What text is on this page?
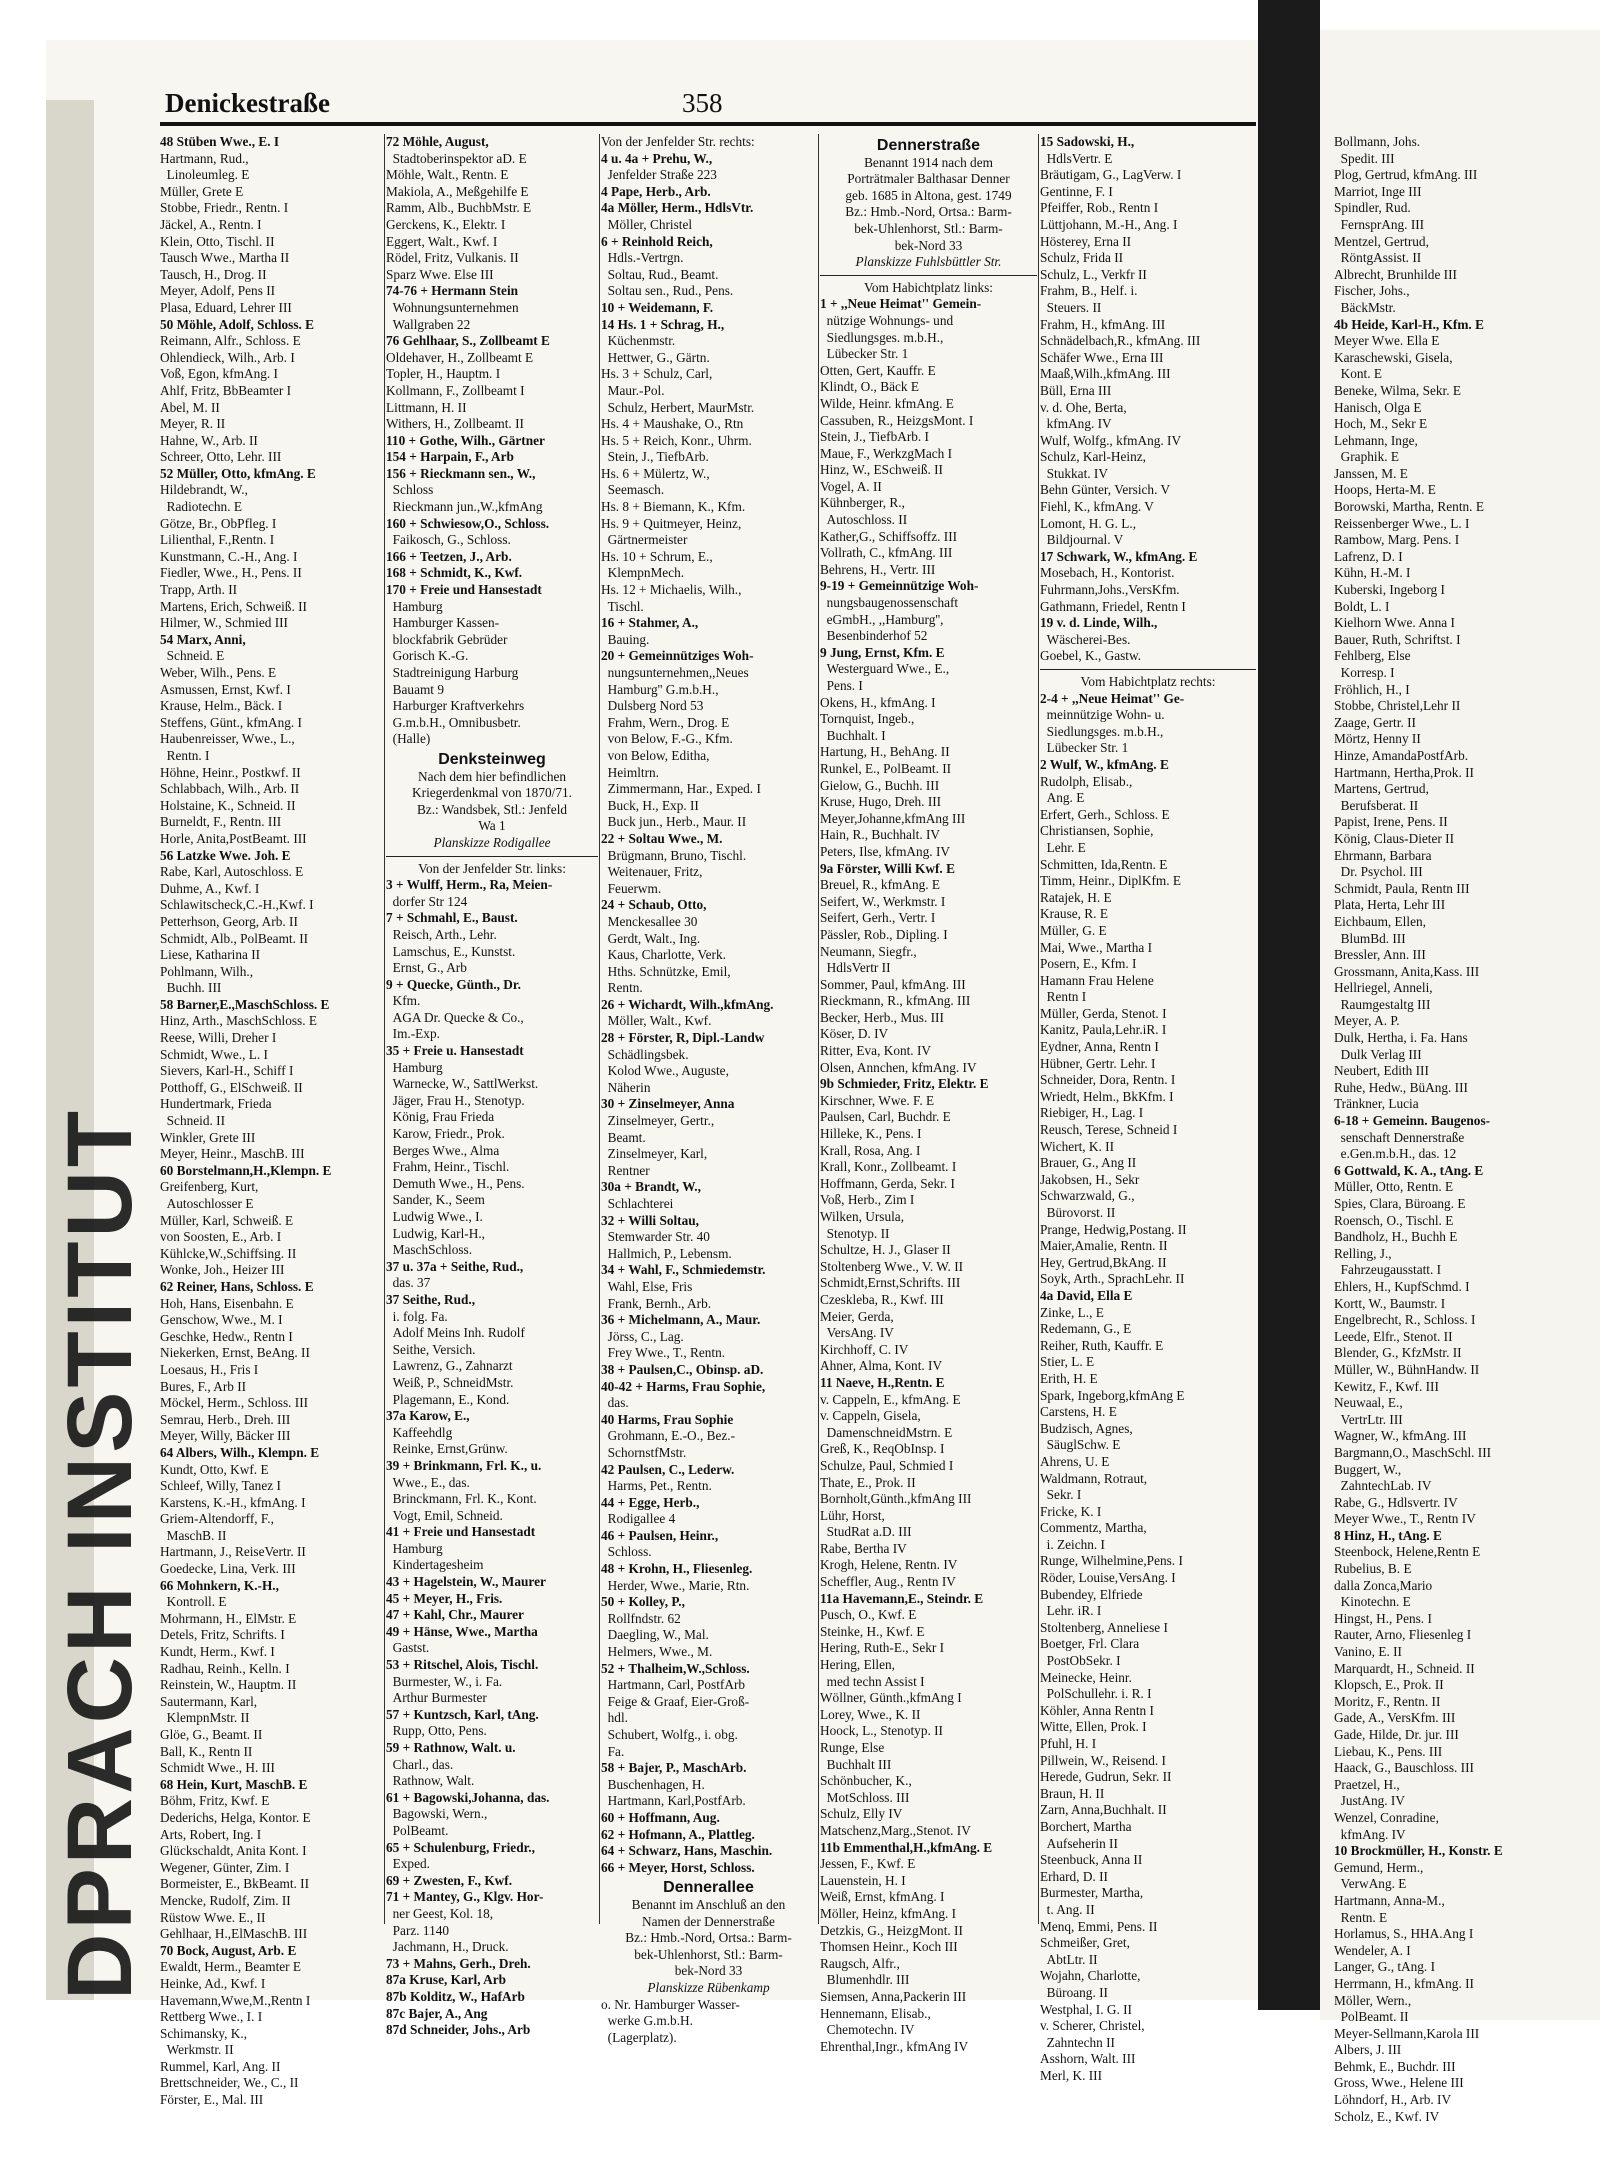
Denickestraße	358
48 Stüben Wwe., E. I
Hartmann, Rud.,
Linoleumleg. E
Müller, Grete E
Stobbe, Friedr., Rentn. I
Jäckel, A., Rentn. I
Klein, Otto, Tischl. II
Tausch Wwe., Martha II
Tausch, H., Drog. II
Meyer, Adolf, Pens II
Plasa, Eduard, Lehrer III
50 Möhle, Adolf, Schloss. E
Reimann, Alfr., Schloss. E
Ohlendieck, Wilh., Arb. I
Voß, Egon, kfmAng. I
Ahlf, Fritz, BbBeamter I
Abel, M. II
Meyer, R. II
Hahne, W., Arb. II
Schreer, Otto, Lehr. III
52 Müller, Otto, kfmAng. E
Hildebrandt, W.,
Radiotechn. E
Götze, Br., ObPfleg. I
Lilienthal, F.,Rentn. I
Kunstmann, C.-H., Ang. I
Fiedler, Wwe., H., Pens. II
Trapp, Arth. II
Martens, Erich, Schweiß. II
Hilmer, W., Schmied III
54 Marx, Anni,
Schneid. E
Weber, Wilh., Pens. E
Asmussen, Ernst, Kwf. I
Krause, Helm., Bäck. I
Steffens, Günt., kfmAng. I
Haubenreisser, Wwe., L.,
Rentn. I
Höhne, Heinr., Postkwf. II
Schlabbach, Wilh., Arb. II
Holstaine, K., Schneid. II
Burneldt, F., Rentn. III
Horle, Anita,PostBeamt. III
56 Latzke Wwe. Joh. E
Rabe, Karl, Autoschloss. E
Duhme, A., Kwf. I
Schlawitscheck,C.-H.,Kwf. I
Petterhson, Georg, Arb. II
Schmidt, Alb., PolBeamt. II
Liese, Katharina II
Pohlmann, Wilh.,
Buchh. III
58 Barner,E.,MaschSchloss. E
Hinz, Arth., MaschSchloss. E
Reese, Willi, Dreher I
Schmidt, Wwe., L. I
Sievers, Karl-H., Schiff I
Potthoff, G., ElSchweiß. II
Hundertmark, Frieda
Schneid. II
Winkler, Grete III
Meyer, Heinr., MaschB. III
60 Borstelmann,H.,Klempn. E
Greifenberg, Kurt,
Autoschlosser E
Müller, Karl, Schweiß. E
von Soosten, E., Arb. I
Kühlcke,W.,Schiffsing. II
Wonke, Joh., Heizer III
62 Reiner, Hans, Schloss. E
Hoh, Hans, Eisenbahn. E
Genschow, Wwe., M. I
Geschke, Hedw., Rentn I
Niekerken, Ernst, BeAng. II
Loesaus, H., Fris I
Bures, F., Arb II
Möckel, Herm., Schloss. III
Semrau, Herb., Dreh. III
Meyer, Willy, Bäcker III
64 Albers, Wilh., Klempn. E
Kundt, Otto, Kwf. E
Schleef, Willy, Tanez I
Karstens, K.-H., kfmAng. I
Griem-Altendorff, F.,
MaschB. II
Hartmann, J., ReiseVertr. II
Goedecke, Lina, Verk. III
66 Mohnkern, K.-H.,
Kontroll. E
Mohrmann, H., ElMstr. E
Detels, Fritz, Schrifts. I
Kundt, Herm., Kwf. I
Radhau, Reinh., Kelln. I
Reinstein, W., Hauptm. II
Sautermann, Karl,
KlempnMstr. II
Glöe, G., Beamt. II
Ball, K., Rentn II
Schmidt Wwe., H. III
68 Hein, Kurt, MaschB. E
Böhm, Fritz, Kwf. E
Dederichs, Helga, Kontor. E
Arts, Robert, Ing. I
Glückschaldt, Anita Kont. I
Wegener, Günter, Zim. I
Bormeister, E., BkBeamt. II
Mencke, Rudolf, Zim. II
Rüstow Wwe. E., II
Gehlhaar, H.,ElMaschB. III
70 Bock, August, Arb. E
Ewaldt, Herm., Beamter E
Heinke, Ad., Kwf. I
Havemann,Wwe,M.,Rentn I
Rettberg Wwe., I. I
Schimansky, K.,
Werkmstr. II
Rummel, Karl, Ang. II
Brettschneider, We., C., II
Förster, E., Mal. III
72 Möhle, August,
Stadtoberinspektor aD. E
Möhle, Walt., Rentn. E
Makiola, A., Meßgehilfe E
Ramm, Alb., BuchbMstr. E
Gerckens, K., Elektr. I
Eggert, Walt., Kwf. I
Rödel, Fritz, Vulkanis. II
Sparz Wwe. Else III
74-76 + Hermann Stein
Wohnungsunternehmen
Wallgraben 22
76 Gehlhaar, S., Zollbeamt E
Oldehaver, H., Zollbeamt E
Topler, H., Hauptm. I
Kollmann, F., Zollbeamt I
Littmann, H. II
Withers, H., Zollbeamt. II
110 + Gothe, Wilh., Gärtner
154 + Harpain, F., Arb
156 + Rieckmann sen., W.,
Schloss
Rieckmann jun.,W.,kfmAng
160 + Schwiesow,O., Schloss.
Faikosch, G., Schloss.
166 + Teetzen, J., Arb.
168 + Schmidt, K., Kwf.
170 + Freie und Hansestadt
Hamburg
Hamburger Kassen-
blockfabrik Gebrüder
Gorisch K.-G.
Stadtreinigung Harburg
Bauamt 9
Harburger Kraftverkehrs
G.m.b.H., Omnibusbetr.
(Halle)
Denksteinweg
Nach dem hier befindlichen
Kriegerdenkmal von 1870/71.
Bz.: Wandsbek, Stl.: Jenfeld
Wa 1
Planskizze Rodigallee
Von der Jenfelder Str. links:
3 + Wulff, Herm., Ra, Meien-
dorfer Str 124
7 + Schmahl, E., Baust.
Reisch, Arth., Lehr.
Lamschus, E., Kunstst.
Ernst, G., Arb
9 + Quecke, Günth., Dr.
Kfm.
AGA Dr. Quecke & Co.,
Im.-Exp.
35 + Freie u. Hansestadt
Hamburg
Warnecke, W., SattlWerkst.
Jäger, Frau H., Stenotyp.
König, Frau Frieda
Karow, Friedr., Prok.
Berges Wwe., Alma
Frahm, Heinr., Tischl.
Demuth Wwe., H., Pens.
Sander, K., Seem
Ludwig Wwe., I.
Ludwig, Karl-H.,
MaschSchloss.
37 u. 37a + Seithe, Rud.,
das. 37
37 Seithe, Rud.,
i. folg. Fa.
Adolf Meins Inh. Rudolf
Seithe, Versich.
Lawrenz, G., Zahnarzt
Weiß, P., SchneidMstr.
Plagemann, E., Kond.
37a Karow, E.,
Kaffeehdlg
Reinke, Ernst,Grünw.
39 + Brinkmann, Frl. K., u.
Wwe., E., das.
Brinckmann, Frl. K., Kont.
Vogt, Emil, Schneid.
41 + Freie und Hansestadt
Hamburg
Kindertagesheim
43 + Hagelstein, W., Maurer
45 + Meyer, H., Fris.
47 + Kahl, Chr., Maurer
49 + Hänse, Wwe., Martha
Gastst.
53 + Ritschel, Alois, Tischl.
Burmester, W., i. Fa.
Arthur Burmester
57 + Kuntzsch, Karl, tAng.
Rupp, Otto, Pens.
59 + Rathnow, Walt. u.
Charl., das.
Rathnow, Walt.
61 + Bagowski,Johanna, das.
Bagowski, Wern.,
PolBeamt.
65 + Schulenburg, Friedr.,
Exped.
69 + Zwesten, F., Kwf.
71 + Mantey, G., Klgv. Hor-
ner Geest, Kol. 18,
Parz. 1140
Jachmann, H., Druck.
73 + Mahns, Gerh., Dreh.
87a Kruse, Karl, Arb
87b Kolditz, W., HafArb
87c Bajer, A., Ang
87d Schneider, Johs., Arb
Von der Jenfelder Str. rechts:
4 u. 4a + Prehu, W.,
Jenfelder Straße 223
4 Pape, Herb., Arb.
4a Möller, Herm., HdlsVtr.
Möller, Christel
6 + Reinhold Reich,
Hdls.-Vertrgn.
Soltau, Rud., Beamt.
Soltau sen., Rud., Pens.
10 + Weidemann, F.
14 Hs. 1 + Schrag, H.,
Küchenmstr.
Hettwer, G., Gärtn.
Hs. 3 + Schulz, Carl,
Maur.-Pol.
Schulz, Herbert, MaurMstr.
Hs. 4 + Maushake, O., Rtn
Hs. 5 + Reich, Konr., Uhrm.
Stein, J., TiefbArb.
Hs. 6 + Mülertz, W.,
Seemasch.
Hs. 8 + Biemann, K., Kfm.
Hs. 9 + Quitmeyer, Heinz,
Gärtnermeister
Hs. 10 + Schrum, E.,
KlempnMech.
Hs. 12 + Michaelis, Wilh.,
Tischl.
16 + Stahmer, A.,
Bauing.
20 + Gemeinnütziges Woh-
nungsunternehmen,,Neues
Hamburg'' G.m.b.H.,
Dulsberg Nord 53
Frahm, Wern., Drog. E
von Below, F.-G., Kfm.
von Below, Editha,
Heimltrn.
Zimmermann, Har., Exped. I
Buck, H., Exp. II
Buck jun., Herb., Maur. II
22 + Soltau Wwe., M.
Brügmann, Bruno, Tischl.
Weitenauer, Fritz,
Feuerwm.
24 + Schaub, Otto,
Menckesallee 30
Gerdt, Walt., Ing.
Kaus, Charlotte, Verk.
Hths. Schnützke, Emil,
Rentn.
26 + Wichardt, Wilh.,kfmAng.
Möller, Walt., Kwf.
28 + Förster, R, Dipl.-Landw
Schädlingsbek.
Kolod Wwe., Auguste,
Näherin
30 + Zinselmeyer, Anna
Zinselmeyer, Gertr.,
Beamt.
Zinselmeyer, Karl,
Rentner
30a + Brandt, W.,
Schlachterei
32 + Willi Soltau,
Stemwarder Str. 40
Hallmich, P., Lebensm.
34 + Wahl, F., Schmiedemstr.
Wahl, Else, Fris
Frank, Bernh., Arb.
36 + Michelmann, A., Maur.
Jörss, C., Lag.
Frey Wwe., T., Rentn.
38 + Paulsen,C., Obinsp. aD.
40-42 + Harms, Frau Sophie,
das.
40 Harms, Frau Sophie
Grohmann, E.-O., Bez.-
SchornstfMstr.
42 Paulsen, C., Lederw.
Harms, Pet., Rentn.
44 + Egge, Herb.,
Rodigallee 4
46 + Paulsen, Heinr.,
Schloss.
48 + Krohn, H., Fliesenleg.
Herder, Wwe., Marie, Rtn.
50 + Kolley, P.,
Rollfndstr. 62
Daegling, W., Mal.
Helmers, Wwe., M.
52 + Thalheim,W.,Schloss.
Hartmann, Carl, PostfArb
Feige & Graaf, Eier-Groß-
hdl.
Schubert, Wolfg., i. obg.
Fa.
58 + Bajer, P., MaschArb.
Buschenhagen, H.
Hartmann, Karl,PostfArb.
60 + Hoffmann, Aug.
62 + Hofmann, A., Plattleg.
64 + Schwarz, Hans, Maschin.
66 + Meyer, Horst, Schloss.
Dennerallee
Benannt im Anschluß an den
Namen der Dennerstraße
Bz.: Hmb.-Nord, Ortsa.: Barm-
bek-Uhlenhorst, Stl.: Barm-
bek-Nord 33
Planskizze Rübenkamp
o. Nr. Hamburger Wasser-
werke G.m.b.H.
(Lagerplatz).
Dennerstraße
Benannt 1914 nach dem
Porträtmaler Balthasar Denner
geb. 1685 in Altona, gest. 1749
Bz.: Hmb.-Nord, Ortsa.: Barm-
bek-Uhlenhorst, Stl.: Barm-
bek-Nord 33
Planskizze Fuhlsbüttler Str.
Vom Habichtplatz links:
1 + ,,Neue Heimat'' Gemein-
nützige Wohnungs- und
Siedlungsges. m.b.H.,
Lübecker Str. 1
Otten, Gert, Kauffr. E
Klindt, O., Bäck E
Wilde, Heinr. kfmAng. E
Cassuben, R., HeizgsMont. I
Stein, J., TiefbArb. I
Maue, F., WerkzgMach I
Hinz, W., ESchweiß. II
Vogel, A. II
Kühnberger, R.,
Autoschloss. II
Kather,G., Schiffsoffz. III
Vollrath, C., kfmAng. III
Behrens, H., Vertr. III
9-19 + Gemeinnützige Woh-
nungsbaugenossenschaft
eGmbH., ,,Hamburg'',
Besenbinderhof 52
9 Jung, Ernst, Kfm. E
Westerguard Wwe., E.,
Pens. I
Okens, H., kfmAng. I
Tornquist, Ingeb.,
Buchhalt. I
Hartung, H., BehAng. II
Runkel, E., PolBeamt. II
Gielow, G., Buchh. III
Kruse, Hugo, Dreh. III
Meyer,Johanne,kfmAng III
Hain, R., Buchhalt. IV
Peters, Ilse, kfmAng. IV
9a Förster, Willi Kwf. E
Breuel, R., kfmAng. E
Seifert, W., Werkmstr. I
Seifert, Gerh., Vertr. I
Pässler, Rob., Dipling. I
Neumann, Siegfr.,
HdlsVertr II
Sommer, Paul, kfmAng. III
Rieckmann, R., kfmAng. III
Becker, Herb., Mus. III
Köser, D. IV
Ritter, Eva, Kont. IV
Olsen, Annchen, kfmAng. IV
9b Schmieder, Fritz, Elektr. E
Kirschner, Wwe. F. E
Paulsen, Carl, Buchdr. E
Hilleke, K., Pens. I
Krall, Rosa, Ang. I
Krall, Konr., Zollbeamt. I
Hoffmann, Gerda, Sekr. I
Voß, Herb., Zim I
Wilken, Ursula,
Stenotyp. II
Schultze, H. J., Glaser II
Stoltenberg Wwe., V. W. II
Schmidt,Ernst,Schrifts. III
Czeskleba, R., Kwf. III
Meier, Gerda,
VersAng. IV
Kirchhoff, C. IV
Ahner, Alma, Kont. IV
11 Naeve, H.,Rentn. E
v. Cappeln, E., kfmAng. E
v. Cappeln, Gisela,
DamenschneidMstrn. E
Greß, K., ReqObInsp. I
Schulze, Paul, Schmied I
Thate, E., Prok. II
Bornholt,Günth.,kfmAng III
Lühr, Horst,
StudRat a.D. III
Rabe, Bertha IV
Krogh, Helene, Rentn. IV
Scheffler, Aug., Rentn IV
11a Havemann,E., Steindr. E
Pusch, O., Kwf. E
Steinke, H., Kwf. E
Hering, Ruth-E., Sekr I
Hering, Ellen,
med techn Assist I
Wöllner, Günth.,kfmAng I
Lorey, Wwe., K. II
Hoock, L., Stenotyp. II
Runge, Else
Buchhalt III
Schönbucher, K.,
MotSchloss. III
Schulz, Elly IV
Matschenz,Marg.,Stenot. IV
11b Emmenthal,H.,kfmAng. E
Jessen, F., Kwf. E
Lauenstein, H. I
Weiß, Ernst, kfmAng. I
Möller, Heinz, kfmAng. I
Detzkis, G., HeizgMont. II
Thomsen Heinr., Koch III
Raugsch, Alfr.,
Blumenhdlr. III
Siemsen, Anna,Packerin III
Hennemann, Elisab.,
Chemotechn. IV
Ehrenthal,Ingr., kfmAng IV
15 Sadowski, H.,
HdlsVertr. E
Bräutigam, G., LagVerw. I
Gentinne, F. I
Pfeiffer, Rob., Rentn I
Lüttjohann, M.-H., Ang. I
Hösterey, Erna II
Schulz, Frida II
Schulz, L., Verkfr II
Frahm, B., Helf. i.
Steuers. II
Frahm, H., kfmAng. III
Schnädelbach,R., kfmAng. III
Schäfer Wwe., Erna III
Maaß,Wilh.,kfmAng. III
Büll, Erna III
v. d. Ohe, Berta,
kfmAng. IV
Wulf, Wolfg., kfmAng. IV
Schulz, Karl-Heinz,
Stukkat. IV
Behn Günter, Versich. V
Fiehl, K., kfmAng. V
Lomont, H. G. L.,
Bildjournal. V
17 Schwark, W., kfmAng. E
Mosebach, H., Kontorist.
Fuhrmann,Johs.,VersKfm.
Gathmann, Friedel, Rentn I
19 v. d. Linde, Wilh.,
Wäscherei-Bes.
Goebel, K., Gastw.
Vom Habichtplatz rechts:
2-4 + ,,Neue Heimat'' Ge-
meinnützige Wohn- u.
Siedlungsges. m.b.H.,
Lübecker Str. 1
2 Wulf, W., kfmAng. E
Rudolph, Elisab.,
Ang. E
Erfert, Gerh., Schloss. E
Christiansen, Sophie,
Lehr. E
Schmitten, Ida,Rentn. E
Timm, Heinr., DiplKfm. E
Ratajek, H. E
Krause, R. E
Müller, G. E
Mai, Wwe., Martha I
Posern, E., Kfm. I
Hamann Frau Helene
Rentn I
Müller, Gerda, Stenot. I
Kanitz, Paula,Lehr.iR. I
Eydner, Anna, Rentn I
Hübner, Gertr. Lehr. I
Schneider, Dora, Rentn. I
Wriedt, Helm., BkKfm. I
Riebiger, H., Lag. I
Reusch, Terese, Schneid I
Wichert, K. II
Brauer, G., Ang II
Jakobsen, H., Sekr
Schwarzwald, G.,
Bürovorst. II
Prange, Hedwig,Postang. II
Maier,Amalie, Rentn. II
Hey, Gertrud,BkAng. II
Soyk, Arth., SprachLehr. II
4a David, Ella E
Zinke, L., E
Redemann, G., E
Reiher, Ruth, Kauffr. E
Stier, L. E
Erith, H. E
Spark, Ingeborg,kfmAng E
Carstens, H. E
Budzisch, Agnes,
SäuglSchw. E
Ahrens, U. E
Waldmann, Rotraut,
Sekr. I
Fricke, K. I
Commentz, Martha,
i. Zeichn. I
Runge, Wilhelmine,Pens. I
Röder, Louise,VersAng. I
Bubendey, Elfriede
Lehr. iR. I
Stoltenberg, Anneliese I
Boetger, Frl. Clara
PostObSekr. I
Meinecke, Heinr.
PolSchullehr. i. R. I
Köhler, Anna Rentn I
Witte, Ellen, Prok. I
Pfuhl, H. I
Pillwein, W., Reisend. I
Herede, Gudrun, Sekr. II
Braun, H. II
Zarn, Anna,Buchhalt. II
Borchert, Martha
Aufseherin II
Steenbuck, Anna II
Erhard, D. II
Burmester, Martha,
t. Ang. II
Menq, Emmi, Pens. II
Schmeißer, Gret,
AbtLtr. II
Wojahn, Charlotte,
Büroang. II
Westphal, I. G. II
v. Scherer, Christel,
Zahntechn II
Asshorn, Walt. III
Merl, K. III
Bollmann, Johs.
Spedit. III
Plog, Gertrud, kfmAng. III
Marriot, Inge III
Spindler, Rud.
FernsprAng. III
Mentzel, Gertrud,
RöntgAssist. II
Albrecht, Brunhilde III
Fischer, Johs.,
BäckMstr.
4b Heide, Karl-H., Kfm. E
Meyer Wwe. Ella E
Karaschewski, Gisela,
Kont. E
Beneke, Wilma, Sekr. E
Hanisch, Olga E
Hoch, M., Sekr E
Lehmann, Inge,
Graphik. E
Janssen, M. E
Hoops, Herta-M. E
Borowski, Martha, Rentn. E
Reissenberger Wwe., L. I
Rambow, Marg. Pens. I
Lafrenz, D. I
Kühn, H.-M. I
Kuberski, Ingeborg I
Boldt, L. I
Kielhorn Wwe. Anna I
Bauer, Ruth, Schriftst. I
Fehlberg, Else
Korresp. I
Fröhlich, H., I
Stobbe, Christel,Lehr II
Zaage, Gertr. II
Mörtz, Henny II
Hinze, AmandaPostfArb.
Hartmann, Hertha,Prok. II
Martens, Gertrud,
Berufsberat. II
Papist, Irene, Pens. II
König, Claus-Dieter II
Ehrmann, Barbara
Dr. Psychol. III
Schmidt, Paula, Rentn III
Plata, Herta, Lehr III
Eichbaum, Ellen,
BlumBd. III
Bressler, Ann. III
Grossmann, Anita,Kass. III
Hellriegel, Anneli,
Raumgestaltg III
Meyer, A. P.
Dulk, Hertha, i. Fa. Hans
Dulk Verlag III
Neubert, Edith III
Ruhe, Hedw., BüAng. III
Tränkner, Lucia
6-18 + Gemeinn. Baugenos-
senschaft Dennerstraße
e.Gen.m.b.H., das. 12
6 Gottwald, K. A., tAng. E
Müller, Otto, Rentn. E
Spies, Clara, Büroang. E
Roensch, O., Tischl. E
Bandholz, H., Buchh E
Relling, J.,
Fahrzeugausstatt. I
Ehlers, H., KupfSchmd. I
Kortt, W., Baumstr. I
Engelbrecht, R., Schloss. I
Leede, Elfr., Stenot. II
Blender, G., KfzMstr. II
Müller, W., BühnHandw. II
Kewitz, F., Kwf. III
Neuwaal, E.,
VertrLtr. III
Wagner, W., kfmAng. III
Bargmann,O., MaschSchl. III
Buggert, W.,
ZahntechLab. IV
Rabe, G., Hdlsvertr. IV
Meyer Wwe., T., Rentn IV
8 Hinz, H., tAng. E
Steenbock, Helene,Rentn E
Rubelius, B. E
dalla Zonca,Mario
Kinotechn. E
Hingst, H., Pens. I
Rauter, Arno, Fliesenleg I
Vanino, E. II
Marquardt, H., Schneid. II
Klopsch, E., Prok. II
Moritz, F., Rentn. II
Gade, A., VersKfm. III
Gade, Hilde, Dr. jur. III
Liebau, K., Pens. III
Haack, G., Bauschloss. III
Praetzel, H.,
JustAng. IV
Wenzel, Conradine,
kfmAng. IV
10 Brockmüller, H., Konstr. E
Gemund, Herm.,
VerwAng. E
Hartmann, Anna-M.,
Rentn. E
Horlamus, S., HHA.Ang I
Wendeler, A. I
Langer, G., tAng. I
Herrmann, H., kfmAng. II
Möller, Wern.,
PolBeamt. II
Meyer-Sellmann,Karola III
Albers, J. III
Behmk, E., Buchdr. III
Gross, Wwe., Helene III
Löhndorf, H., Arb. IV
Scholz, E., Kwf. IV
